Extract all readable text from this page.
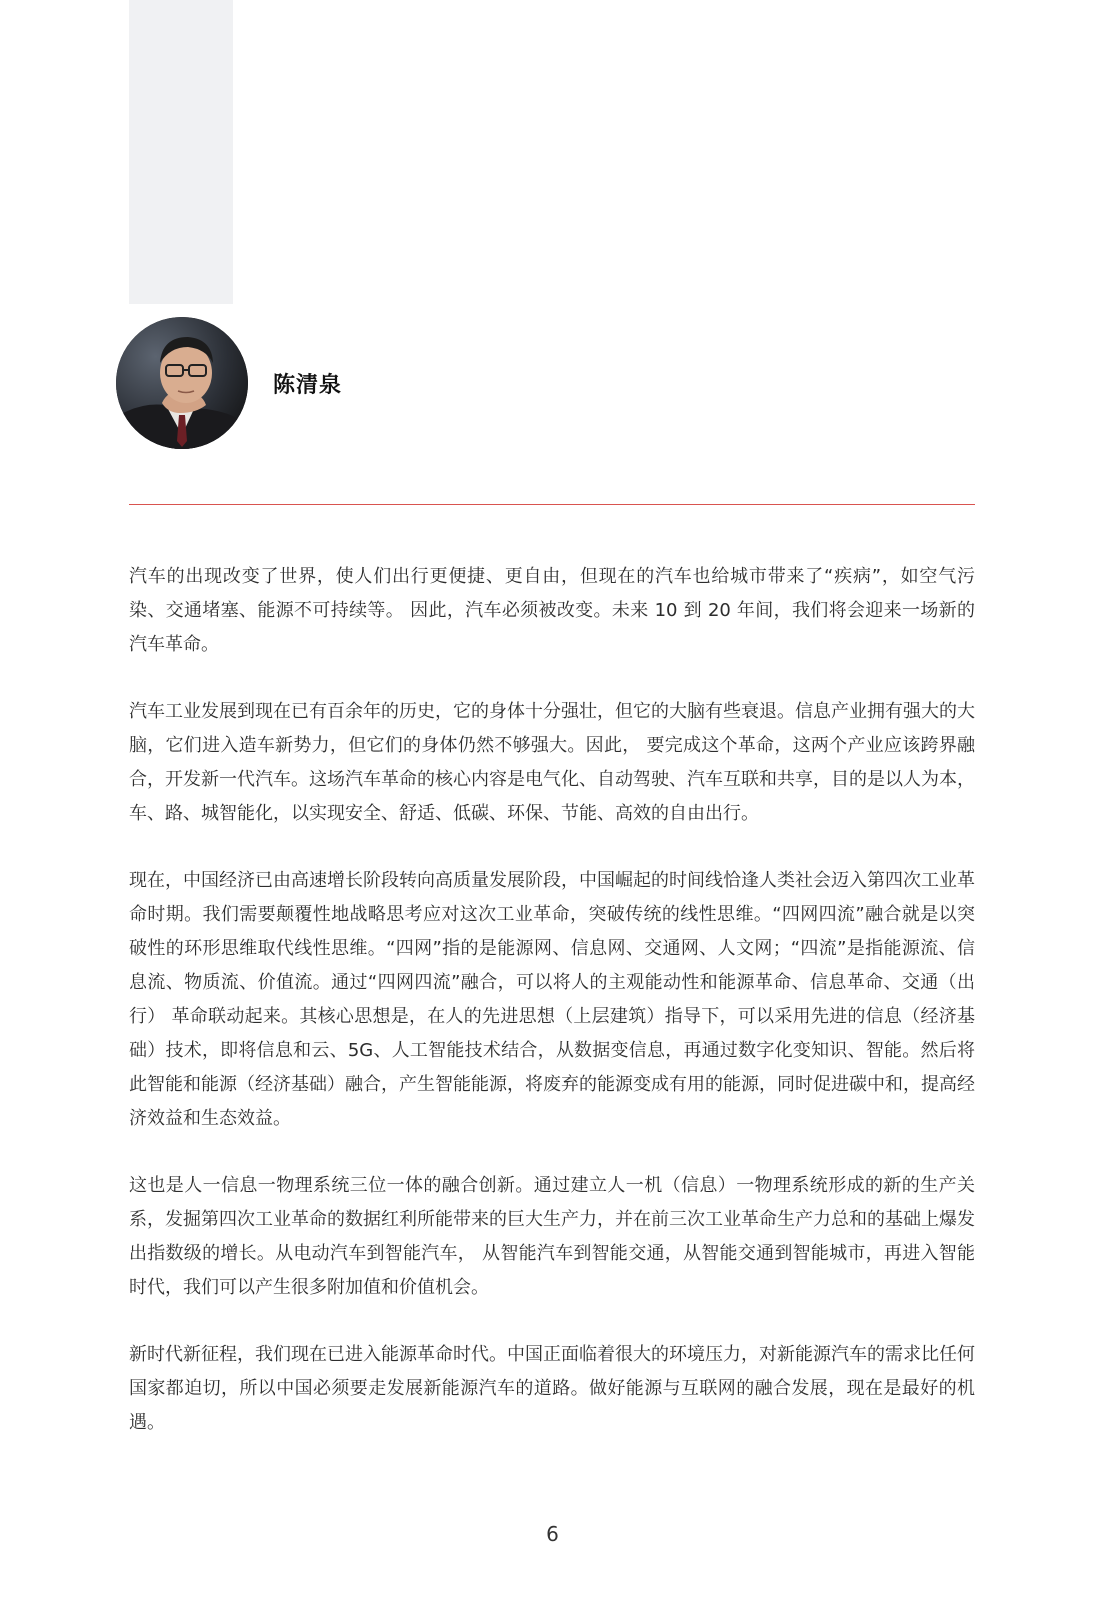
陈清泉

汽车的出现改变了世界，使人们出行更便捷、更自由，但现在的汽车也给城市带来了“疾病”，如空气污染、交通堵塞、能源不可持续等。 因此，汽车必须被改变。未来 10 到 20 年间，我们将会迎来一场新的汽车革命。

汽车工业发展到现在已有百余年的历史，它的身体十分强壮，但它的大脑有些衰退。信息产业拥有强大的大脑，它们进入造车新势力，但它们的身体仍然不够强大。因此， 要完成这个革命，这两个产业应该跨界融合，开发新一代汽车。这场汽车革命的核心内容是电气化、自动驾驶、汽车互联和共享，目的是以人为本，车、路、城智能化，以实现安全、舒适、低碳、环保、节能、高效的自由出行。

现在，中国经济已由高速增长阶段转向高质量发展阶段，中国崛起的时间线恰逢人类社会迈入第四次工业革命时期。我们需要颠覆性地战略思考应对这次工业革命，突破传统的线性思维。“四网四流”融合就是以突破性的环形思维取代线性思维。“四网”指的是能源网、信息网、交通网、人文网；“四流”是指能源流、信息流、物质流、价值流。通过“四网四流”融合，可以将人的主观能动性和能源革命、信息革命、交通（出行） 革命联动起来。其核心思想是，在人的先进思想（上层建筑）指导下，可以采用先进的信息（经济基础）技术，即将信息和云、5G、人工智能技术结合，从数据变信息，再通过数字化变知识、智能。然后将此智能和能源（经济基础）融合，产生智能能源，将废弃的能源变成有用的能源，同时促进碳中和，提高经济效益和生态效益。

这也是人一信息一物理系统三位一体的融合创新。通过建立人一机（信息）一物理系统形成的新的生产关系，发掘第四次工业革命的数据红利所能带来的巨大生产力，并在前三次工业革命生产力总和的基础上爆发出指数级的增长。从电动汽车到智能汽车， 从智能汽车到智能交通，从智能交通到智能城市，再进入智能时代，我们可以产生很多附加值和价值机会。

新时代新征程，我们现在已进入能源革命时代。中国正面临着很大的环境压力，对新能源汽车的需求比任何国家都迫切，所以中国必须要走发展新能源汽车的道路。做好能源与互联网的融合发展，现在是最好的机遇。

6
